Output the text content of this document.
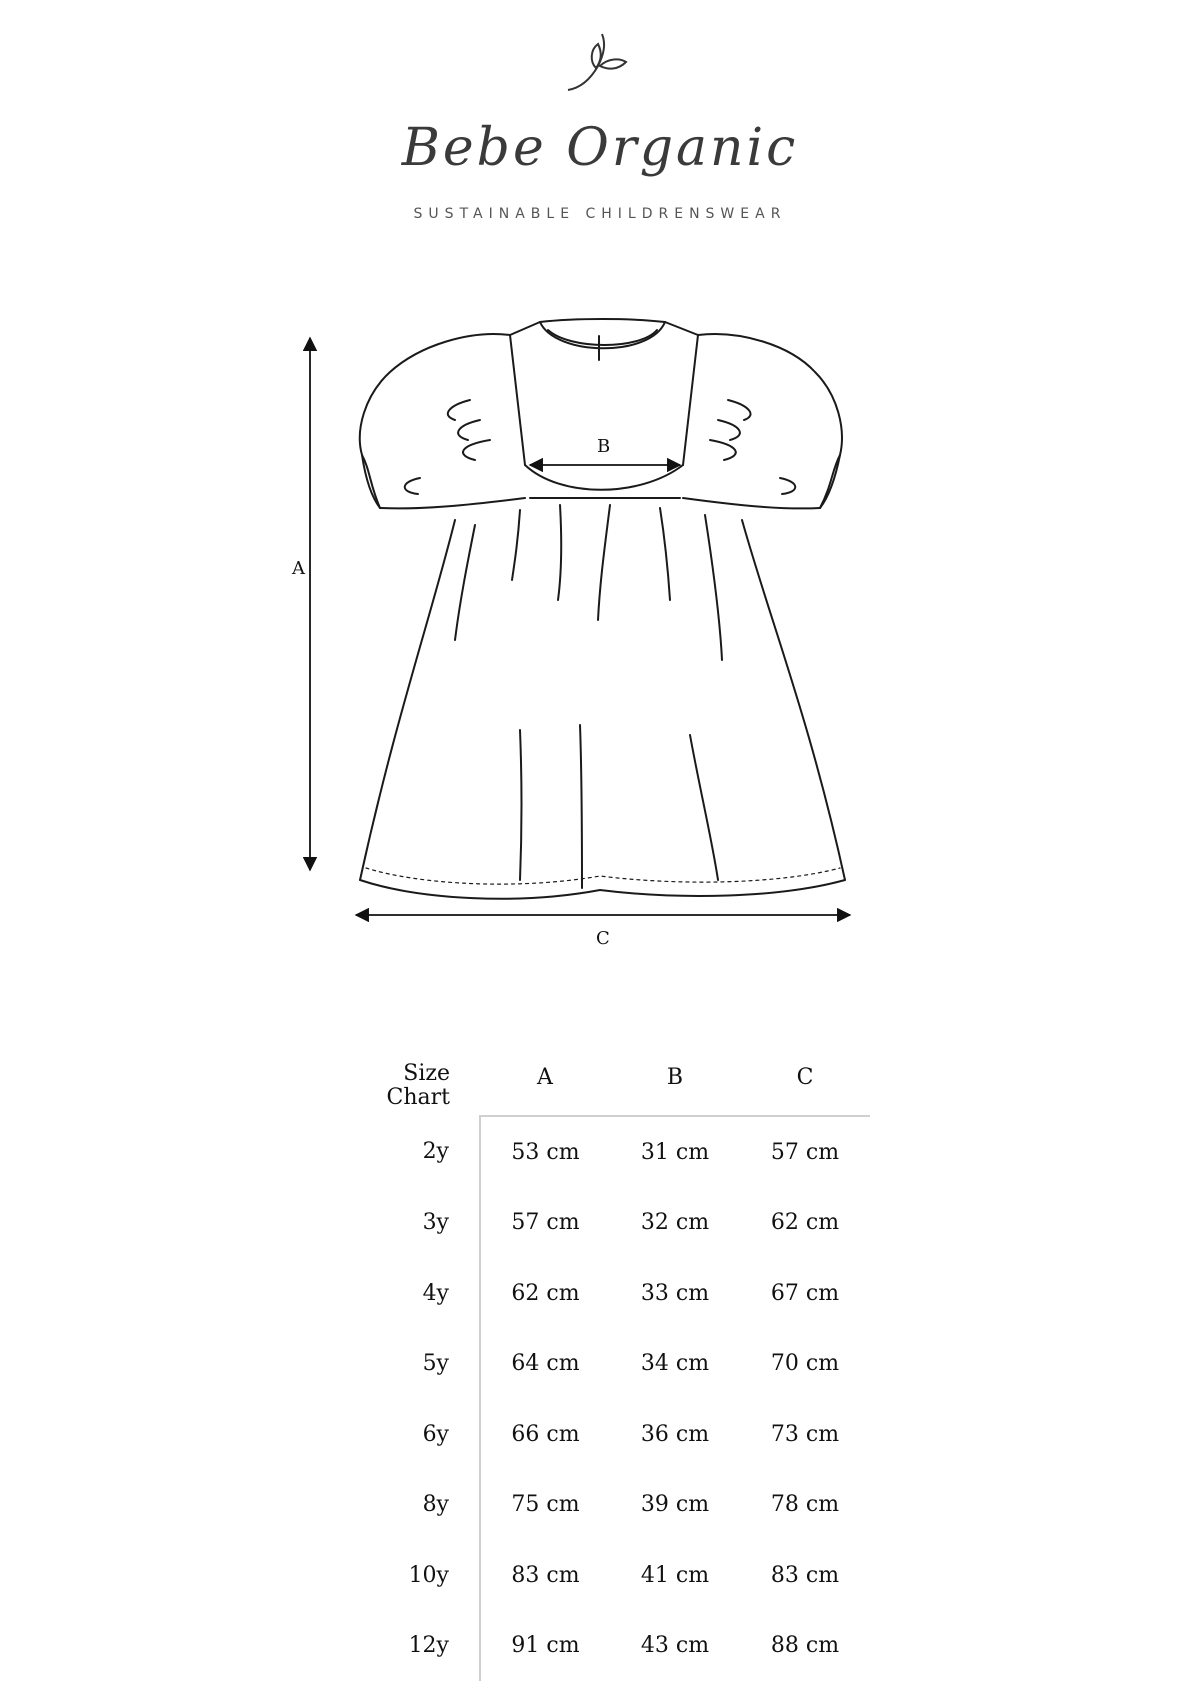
Bebe Organic
SUSTAINABLE CHILDRENSWEAR
A
B
C
Size
Chart	A	B	C
2y	53 cm	31 cm	57 cm
3y	57 cm	32 cm	62 cm
4y	62 cm	33 cm	67 cm
5y	64 cm	34 cm	70 cm
6y	66 cm	36 cm	73 cm
8y	75 cm	39 cm	78 cm
10y	83 cm	41 cm	83 cm
12y	91 cm	43 cm	88 cm
